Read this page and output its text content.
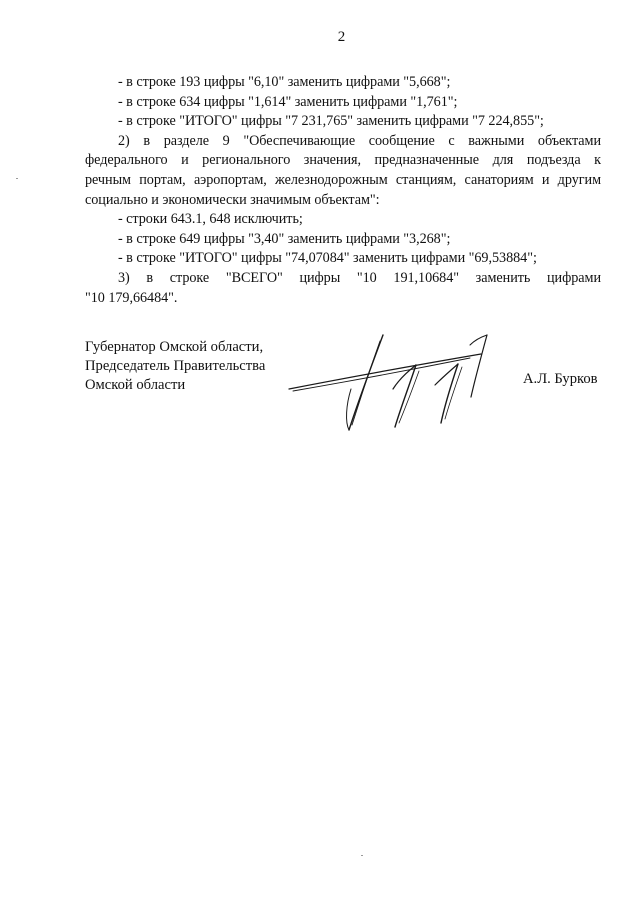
2
- в строке 193 цифры "6,10" заменить цифрами "5,668";
- в строке 634 цифры "1,614" заменить цифрами "1,761";
- в строке "ИТОГО" цифры "7 231,765" заменить цифрами "7 224,855";
2) в разделе 9 "Обеспечивающие сообщение с важными объектами
федерального и регионального значения, предназначенные для подъезда к
речным портам, аэропортам, железнодорожным станциям, санаториям и другим
социально и экономически значимым объектам":
- строки 643.1, 648 исключить;
- в строке 649 цифры "3,40" заменить цифрами "3,268";
- в строке "ИТОГО" цифры "74,07084" заменить цифрами "69,53884";
3) в строке "ВСЕГО" цифры "10 191,10684" заменить цифрами
"10 179,66484".
Губернатор Омской области,
Председатель Правительства
Омской области	А.Л. Бурков
